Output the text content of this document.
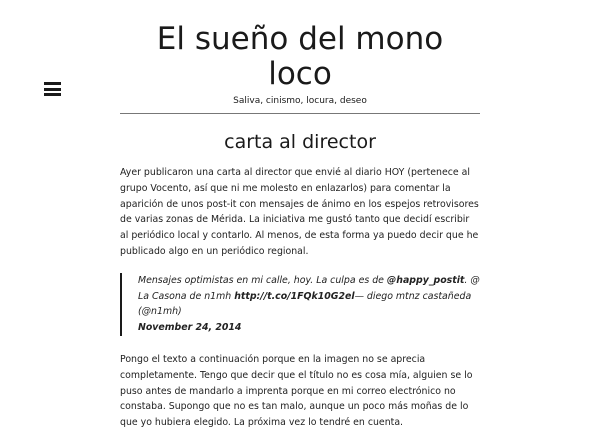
El sueño del mono
loco
Saliva, cinismo, locura, deseo
carta al director

Ayer publicaron una carta al director que envié al diario HOY (pertenece al grupo Vocento, así que ni me molesto en enlazarlos) para comentar la aparición de unos post-it con mensajes de ánimo en los espejos retrovisores de varias zonas de Mérida. La iniciativa me gustó tanto que decidí escribir al periódico local y contarlo. Al menos, de esta forma ya puedo decir que he publicado algo en un periódico regional.

Mensajes optimistas en mi calle, hoy. La culpa es de @happy_postit. @ La Casona de n1mh http://t.co/1FQk10G2el— diego mtnz castañeda (@n1mh)
November 24, 2014

Pongo el texto a continuación porque en la imagen no se aprecia completamente. Tengo que decir que el título no es cosa mía, alguien se lo puso antes de mandarlo a imprenta porque en mi correo electrónico no constaba. Supongo que no es tan malo, aunque un poco más moñas de lo que yo hubiera elegido. La próxima vez lo tendré en cuenta.
